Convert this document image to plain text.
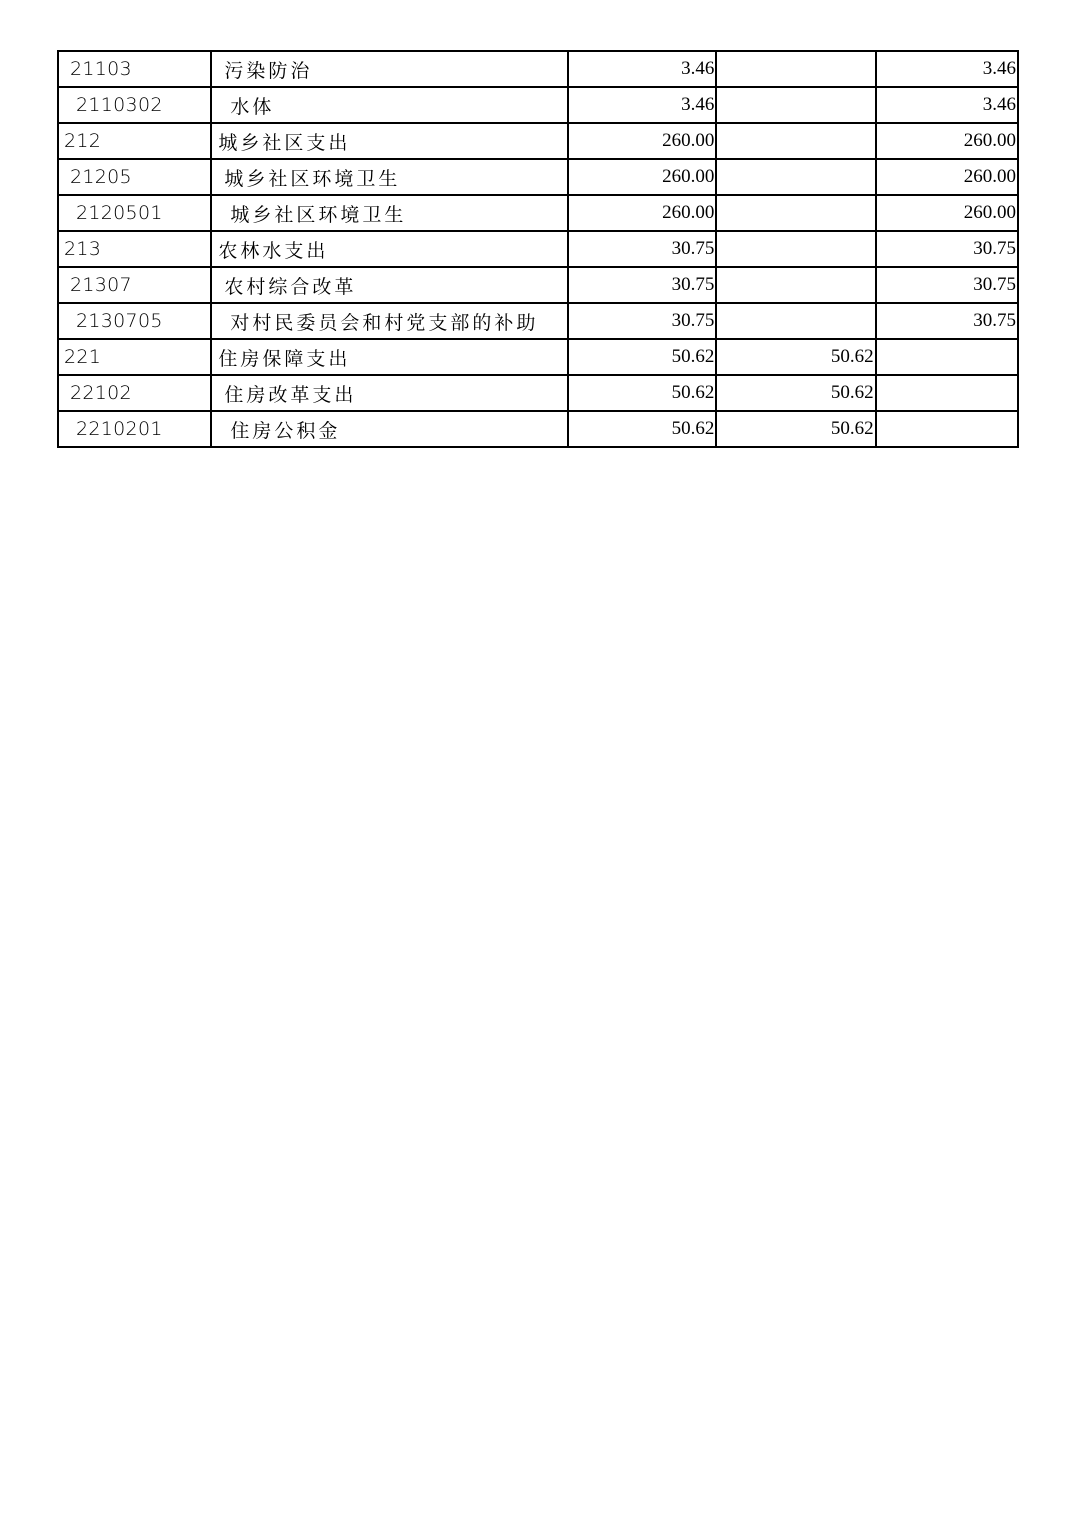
21103	污染防治	3.46		3.46
2110302	水体	3.46		3.46
212	城乡社区支出	260.00		260.00
21205	城乡社区环境卫生	260.00		260.00
2120501	城乡社区环境卫生	260.00		260.00
213	农林水支出	30.75		30.75
21307	农村综合改革	30.75		30.75
2130705	对村民委员会和村党支部的补助	30.75		30.75
221	住房保障支出	50.62	50.62	
22102	住房改革支出	50.62	50.62	
2210201	住房公积金	50.62	50.62	
